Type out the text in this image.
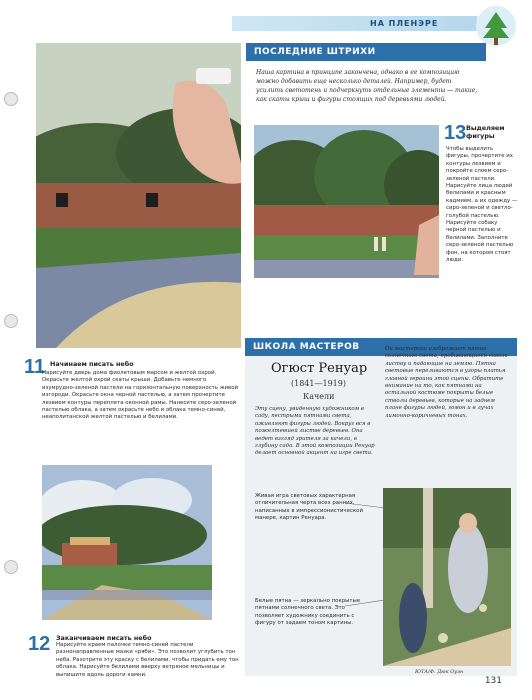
НА ПЛЕНЭРЕ
ПОСЛЕДНИЕ ШТРИХИ
Наша картина в принципе закончена, однако в ее композицию можно добавить еще несколько деталей. Например, будет усилить светотень и подчеркнуть отдельные элементы — такие, как скаты крыш и фигуры стоящих под деревьями людей.
13 Выделяем фигуры
Чтобы выделить фигуры, прочертите их контуры лезвием и покройте слоем серо-зеленой пастели. Нарисуйте лица людей белилами и красным кадмием, а их одежду — сиро-зеленой и светло-голубой пастелью. Нарисуйте собаку черной пастелью и белилами. Заполните серо-зеленой пастелью фон, на котором стоят люди.
11 Начинаем писать небо
Нарисуйте дверь дома фиолетовым марсом и желтой охрой. Окрасьте желтой охрой скаты крыши. Добавьте немного изумрудно-зеленой пастели на горизонтальную поверхность живой изгороди. Окрасьте окна черной пастелью, а затем прочертите лезвием контуры переплета оконной рамы. Нанесите серо-зеленой пастелью облака, а затем окрасьте небо и облака темно-синей, неаполитанской желтой пастелью и белилами.
12 Заканчиваем писать небо
Нарисуйте краем палочки темно-синей пастели разнонаправленные мазки «ряби». Это позволит углубить тон неба. Разотрите эту краску с белилами, чтобы придать ему тон облака. Нарисуйте белилами вверху ветряное мельницы и выпишите вдоль дороги камни.
ШКОЛА МАСТЕРОВ
Огюст Ренуар
(1841—1919)
Качели
Эту сцену, увиденную художником в саду, пестрыми пятнами света, оживляют фигуры людей. Вокруг вся в пожелтевшей листве деревьев. Она ведет взгляд зрителя за качели, в глубину сада. В этой композиции Ренуар делает основной акцент на игре света.
Живая игра световых характерная отличительная черта всех ранних, написанных в импрессионистической манере, картин Ренуара.
Белые пятна — зеркально покрытые пятнами солнечного света. Это позволяет художнику соединить с фигуру от задаем тоном картины.
Он мастерски изображает пятна солнечного света, пробивающиеся сквозь листву и падающие на землю. Пятна световые переливаются в узоры платья главной героини этой сцены. Обратите внимание на то, как пятнами на остальной костюме покрыты белые стволы деревьев, которые на заднем плане фигуры людей, гомон и в лучах лимонно-коричневых тонах.
ЮТА/Ф. Дюк Оуэн
131
